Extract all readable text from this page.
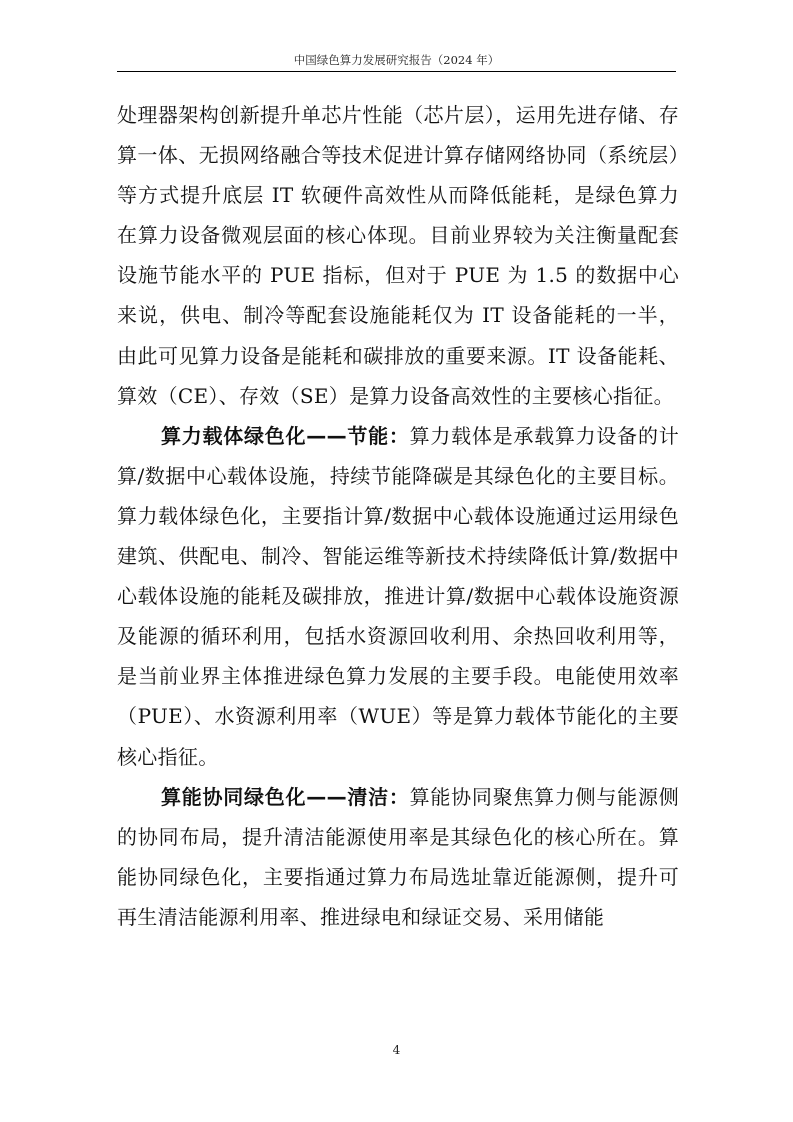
中国绿色算力发展研究报告（2024 年）

处理器架构创新提升单芯片性能（芯片层），运用先进存储、存算一体、无损网络融合等技术促进计算存储网络协同（系统层）等方式提升底层 IT 软硬件高效性从而降低能耗，是绿色算力在算力设备微观层面的核心体现。目前业界较为关注衡量配套设施节能水平的 PUE 指标，但对于 PUE 为 1.5 的数据中心来说，供电、制冷等配套设施能耗仅为 IT 设备能耗的一半，由此可见算力设备是能耗和碳排放的重要来源。IT 设备能耗、算效（CE）、存效（SE）是算力设备高效性的主要核心指征。

算力载体绿色化——节能：算力载体是承载算力设备的计算/数据中心载体设施，持续节能降碳是其绿色化的主要目标。算力载体绿色化，主要指计算/数据中心载体设施通过运用绿色建筑、供配电、制冷、智能运维等新技术持续降低计算/数据中心载体设施的能耗及碳排放，推进计算/数据中心载体设施资源及能源的循环利用，包括水资源回收利用、余热回收利用等，是当前业界主体推进绿色算力发展的主要手段。电能使用效率（PUE）、水资源利用率（WUE）等是算力载体节能化的主要核心指征。

算能协同绿色化——清洁：算能协同聚焦算力侧与能源侧的协同布局，提升清洁能源使用率是其绿色化的核心所在。算能协同绿色化，主要指通过算力布局选址靠近能源侧，提升可再生清洁能源利用率、推进绿电和绿证交易、采用储能

4
